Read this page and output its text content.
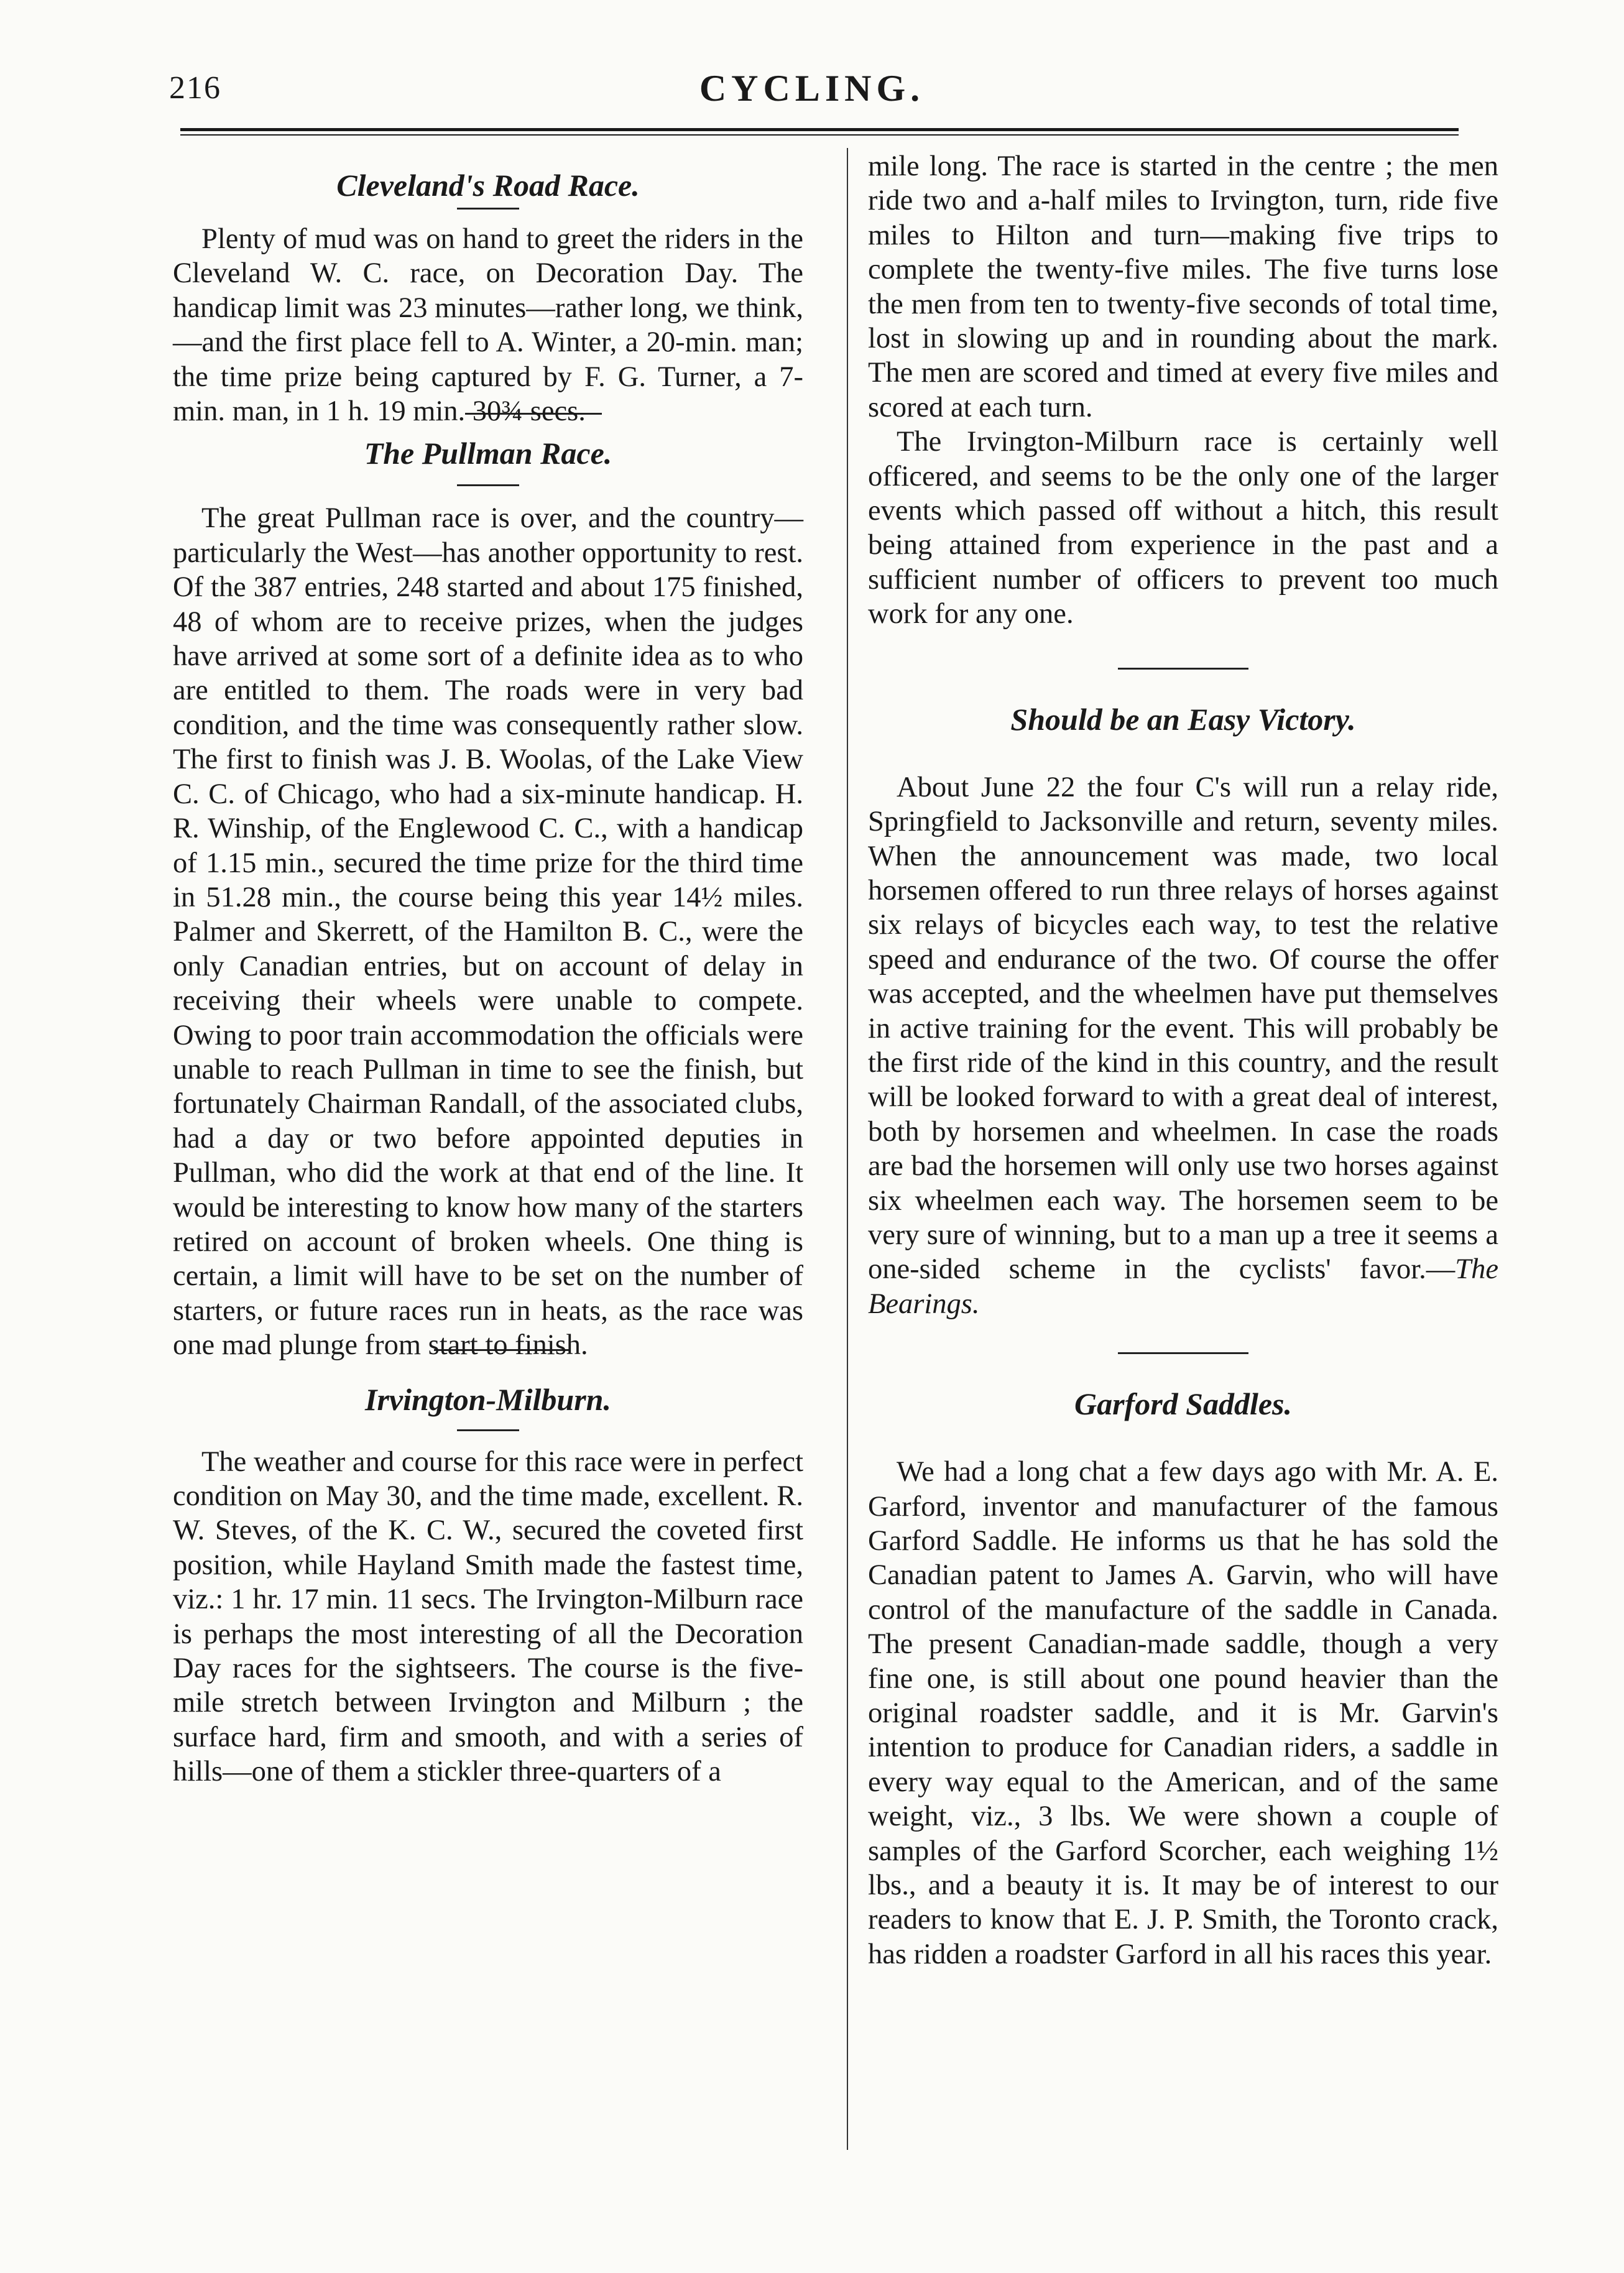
216	CYCLING.
Cleveland's Road Race.

Plenty of mud was on hand to greet the riders in the Cleveland W. C. race, on Decoration Day. The handicap limit was 23 minutes—rather long, we think,—and the first place fell to A. Winter, a 20-min. man; the time prize being captured by F. G. Turner, a 7-min. man, in 1 h. 19 min. 30¾ secs.

The Pullman Race.

The great Pullman race is over, and the country—particularly the West—has another opportunity to rest. Of the 387 entries, 248 started and about 175 finished, 48 of whom are to receive prizes, when the judges have arrived at some sort of a definite idea as to who are entitled to them. The roads were in very bad condition, and the time was consequently rather slow. The first to finish was J. B. Woolas, of the Lake View C. C. of Chicago, who had a six-minute handicap. H. R. Winship, of the Englewood C. C., with a handicap of 1.15 min., secured the time prize for the third time in 51.28 min., the course being this year 14½ miles. Palmer and Skerrett, of the Hamilton B. C., were the only Canadian entries, but on account of delay in receiving their wheels were unable to compete. Owing to poor train accommodation the officials were unable to reach Pullman in time to see the finish, but fortunately Chairman Randall, of the associated clubs, had a day or two before appointed deputies in Pullman, who did the work at that end of the line. It would be interesting to know how many of the starters retired on account of broken wheels. One thing is certain, a limit will have to be set on the number of starters, or future races run in heats, as the race was one mad plunge from start to finish.

Irvington-Milburn.

The weather and course for this race were in perfect condition on May 30, and the time made, excellent. R. W. Steves, of the K. C. W., secured the coveted first position, while Hayland Smith made the fastest time, viz.: 1 hr. 17 min. 11 secs. The Irvington-Milburn race is perhaps the most interesting of all the Decoration Day races for the sightseers. The course is the five-mile stretch between Irvington and Milburn ; the surface hard, firm and smooth, and with a series of hills—one of them a stickler three-quarters of a

mile long. The race is started in the centre ; the men ride two and a-half miles to Irvington, turn, ride five miles to Hilton and turn—making five trips to complete the twenty-five miles. The five turns lose the men from ten to twenty-five seconds of total time, lost in slowing up and in rounding about the mark. The men are scored and timed at every five miles and scored at each turn.

The Irvington-Milburn race is certainly well officered, and seems to be the only one of the larger events which passed off without a hitch, this result being attained from experience in the past and a sufficient number of officers to prevent too much work for any one.

Should be an Easy Victory.

About June 22 the four C's will run a relay ride, Springfield to Jacksonville and return, seventy miles. When the announcement was made, two local horsemen offered to run three relays of horses against six relays of bicycles each way, to test the relative speed and endurance of the two. Of course the offer was accepted, and the wheelmen have put themselves in active training for the event. This will probably be the first ride of the kind in this country, and the result will be looked forward to with a great deal of interest, both by horsemen and wheelmen. In case the roads are bad the horsemen will only use two horses against six wheelmen each way. The horsemen seem to be very sure of winning, but to a man up a tree it seems a one-sided scheme in the cyclists' favor.—The Bearings.

Garford Saddles.

We had a long chat a few days ago with Mr. A. E. Garford, inventor and manufacturer of the famous Garford Saddle. He informs us that he has sold the Canadian patent to James A. Garvin, who will have control of the manufacture of the saddle in Canada. The present Canadian-made saddle, though a very fine one, is still about one pound heavier than the original roadster saddle, and it is Mr. Garvin's intention to produce for Canadian riders, a saddle in every way equal to the American, and of the same weight, viz., 3 lbs. We were shown a couple of samples of the Garford Scorcher, each weighing 1½ lbs., and a beauty it is. It may be of interest to our readers to know that E. J. P. Smith, the Toronto crack, has ridden a roadster Garford in all his races this year.
